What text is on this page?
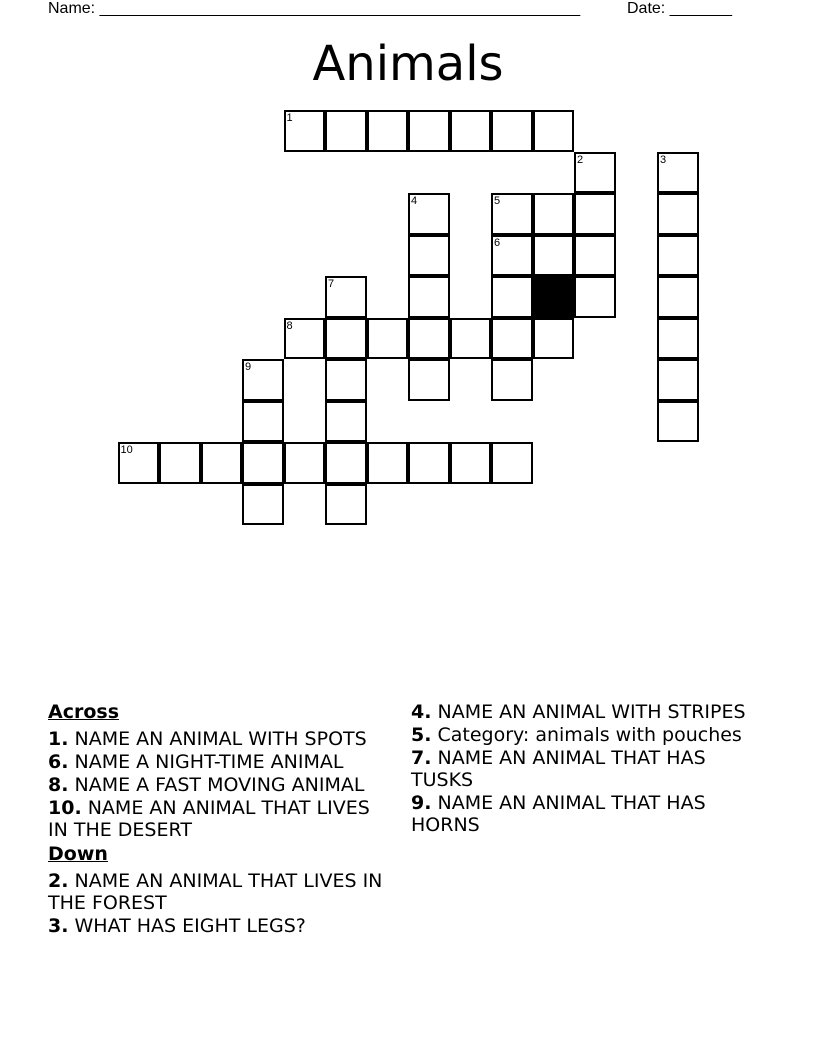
Name: ______________________________________________________	Date: _______
Animals
1
2	3
4	5
6
7
8
9
10
Across
1. NAME AN ANIMAL WITH SPOTS
6. NAME A NIGHT-TIME ANIMAL
8. NAME A FAST MOVING ANIMAL
10. NAME AN ANIMAL THAT LIVES IN THE DESERT
Down
2. NAME AN ANIMAL THAT LIVES IN THE FOREST
3. WHAT HAS EIGHT LEGS?
4. NAME AN ANIMAL WITH STRIPES
5. Category: animals with pouches
7. NAME AN ANIMAL THAT HAS TUSKS
9. NAME AN ANIMAL THAT HAS HORNS
